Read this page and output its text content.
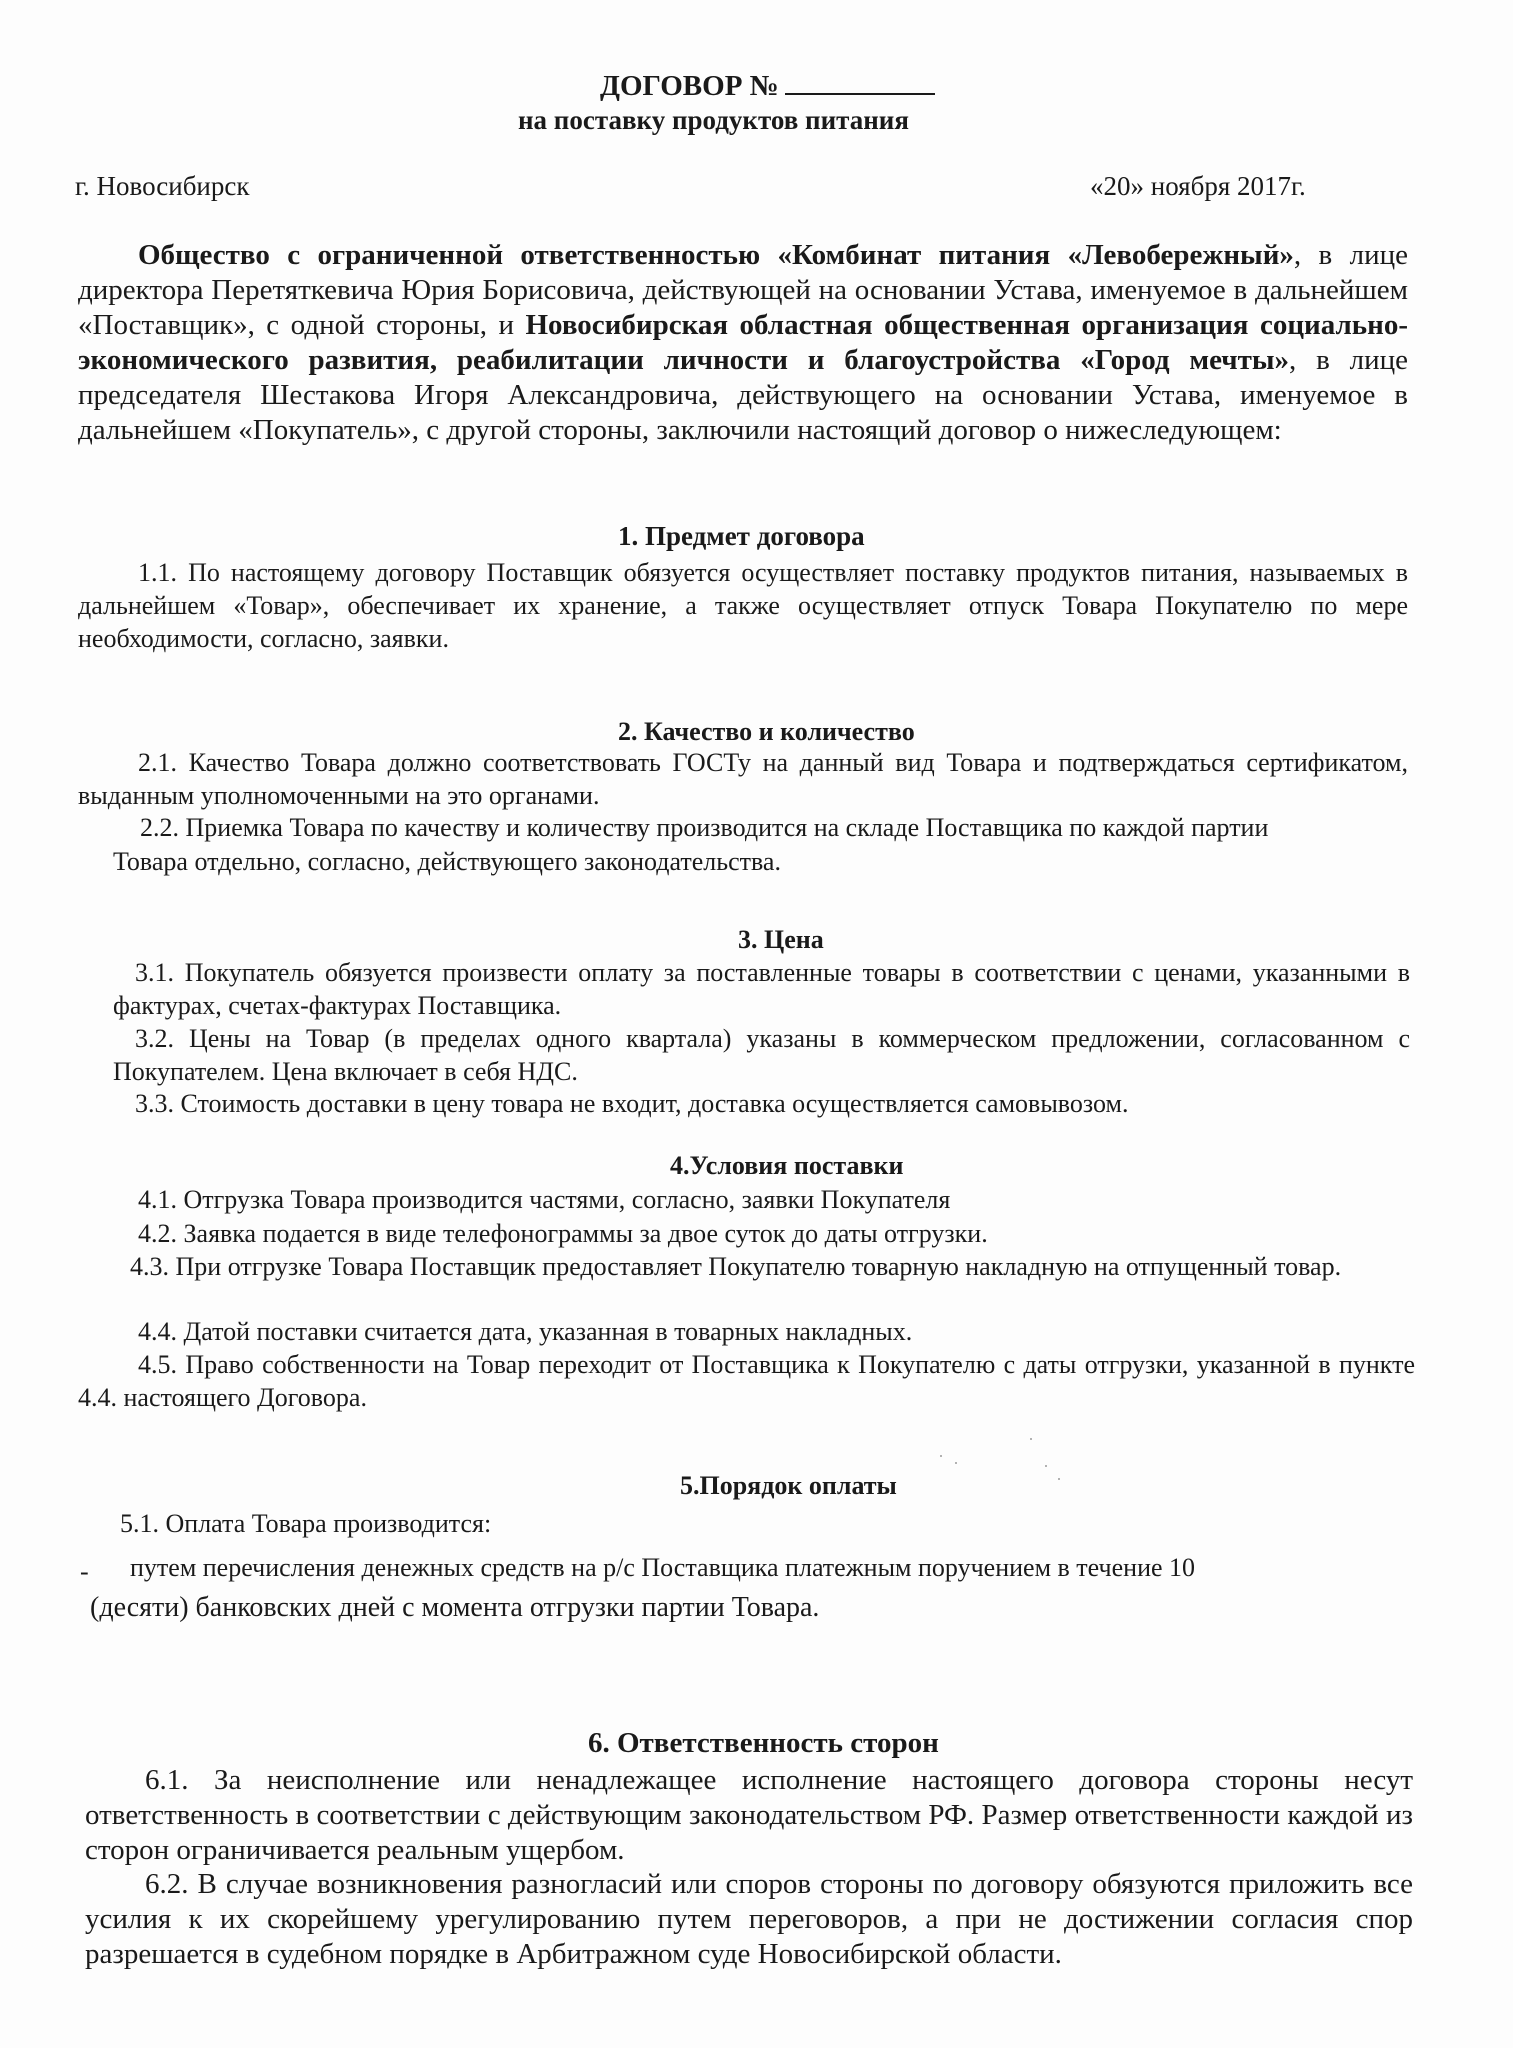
ДОГОВОР №
на поставку продуктов питания
г. Новосибирск	«20» ноября 2017г.
Общество с ограниченной ответственностью «Комбинат питания «Левобережный», в лице директора Перетяткевича Юрия Борисовича, действующей на основании Устава, именуемое в дальнейшем «Поставщик», с одной стороны, и Новосибирская областная общественная организация социально-экономического развития, реабилитации личности и благоустройства «Город мечты», в лице председателя Шестакова Игоря Александровича, действующего на основании Устава, именуемое в дальнейшем «Покупатель», с другой стороны, заключили настоящий договор о нижеследующем:
1. Предмет договора
1.1. По настоящему договору Поставщик обязуется осуществляет поставку продуктов питания, называемых в дальнейшем «Товар», обеспечивает их хранение, а также осуществляет отпуск Товара Покупателю по мере необходимости, согласно, заявки.
2. Качество и количество
2.1. Качество Товара должно соответствовать ГОСТу на данный вид Товара и подтверждаться сертификатом, выданным уполномоченными на это органами.
2.2. Приемка Товара по качеству и количеству производится на складе Поставщика по каждой партии
Товара отдельно, согласно, действующего законодательства.
3. Цена
3.1. Покупатель обязуется произвести оплату за поставленные товары в соответствии с ценами, указанными в фактурах, счетах-фактурах Поставщика.
3.2. Цены на Товар (в пределах одного квартала) указаны в коммерческом предложении, согласованном с Покупателем. Цена включает в себя НДС.
3.3. Стоимость доставки в цену товара не входит, доставка осуществляется самовывозом.
4.Условия поставки
4.1. Отгрузка Товара производится частями, согласно, заявки Покупателя
4.2. Заявка подается в виде телефонограммы за двое суток до даты отгрузки.
4.3. При отгрузке Товара Поставщик предоставляет Покупателю товарную накладную на отпущенный товар.
4.4. Датой поставки считается дата, указанная в товарных накладных.
4.5. Право собственности на Товар переходит от Поставщика к Покупателю с даты отгрузки, указанной в пункте 4.4. настоящего Договора.
5.Порядок оплаты
5.1. Оплата Товара производится:
- путем перечисления денежных средств на р/с Поставщика платежным поручением в течение 10
(десяти) банковских дней с момента отгрузки партии Товара.
6. Ответственность сторон
6.1. За неисполнение или ненадлежащее исполнение настоящего договора стороны несут ответственность в соответствии с действующим законодательством РФ. Размер ответственности каждой из сторон ограничивается реальным ущербом.
6.2. В случае возникновения разногласий или споров стороны по договору обязуются приложить все усилия к их скорейшему урегулированию путем переговоров, а при не достижении согласия спор разрешается в судебном порядке в Арбитражном суде Новосибирской области.
